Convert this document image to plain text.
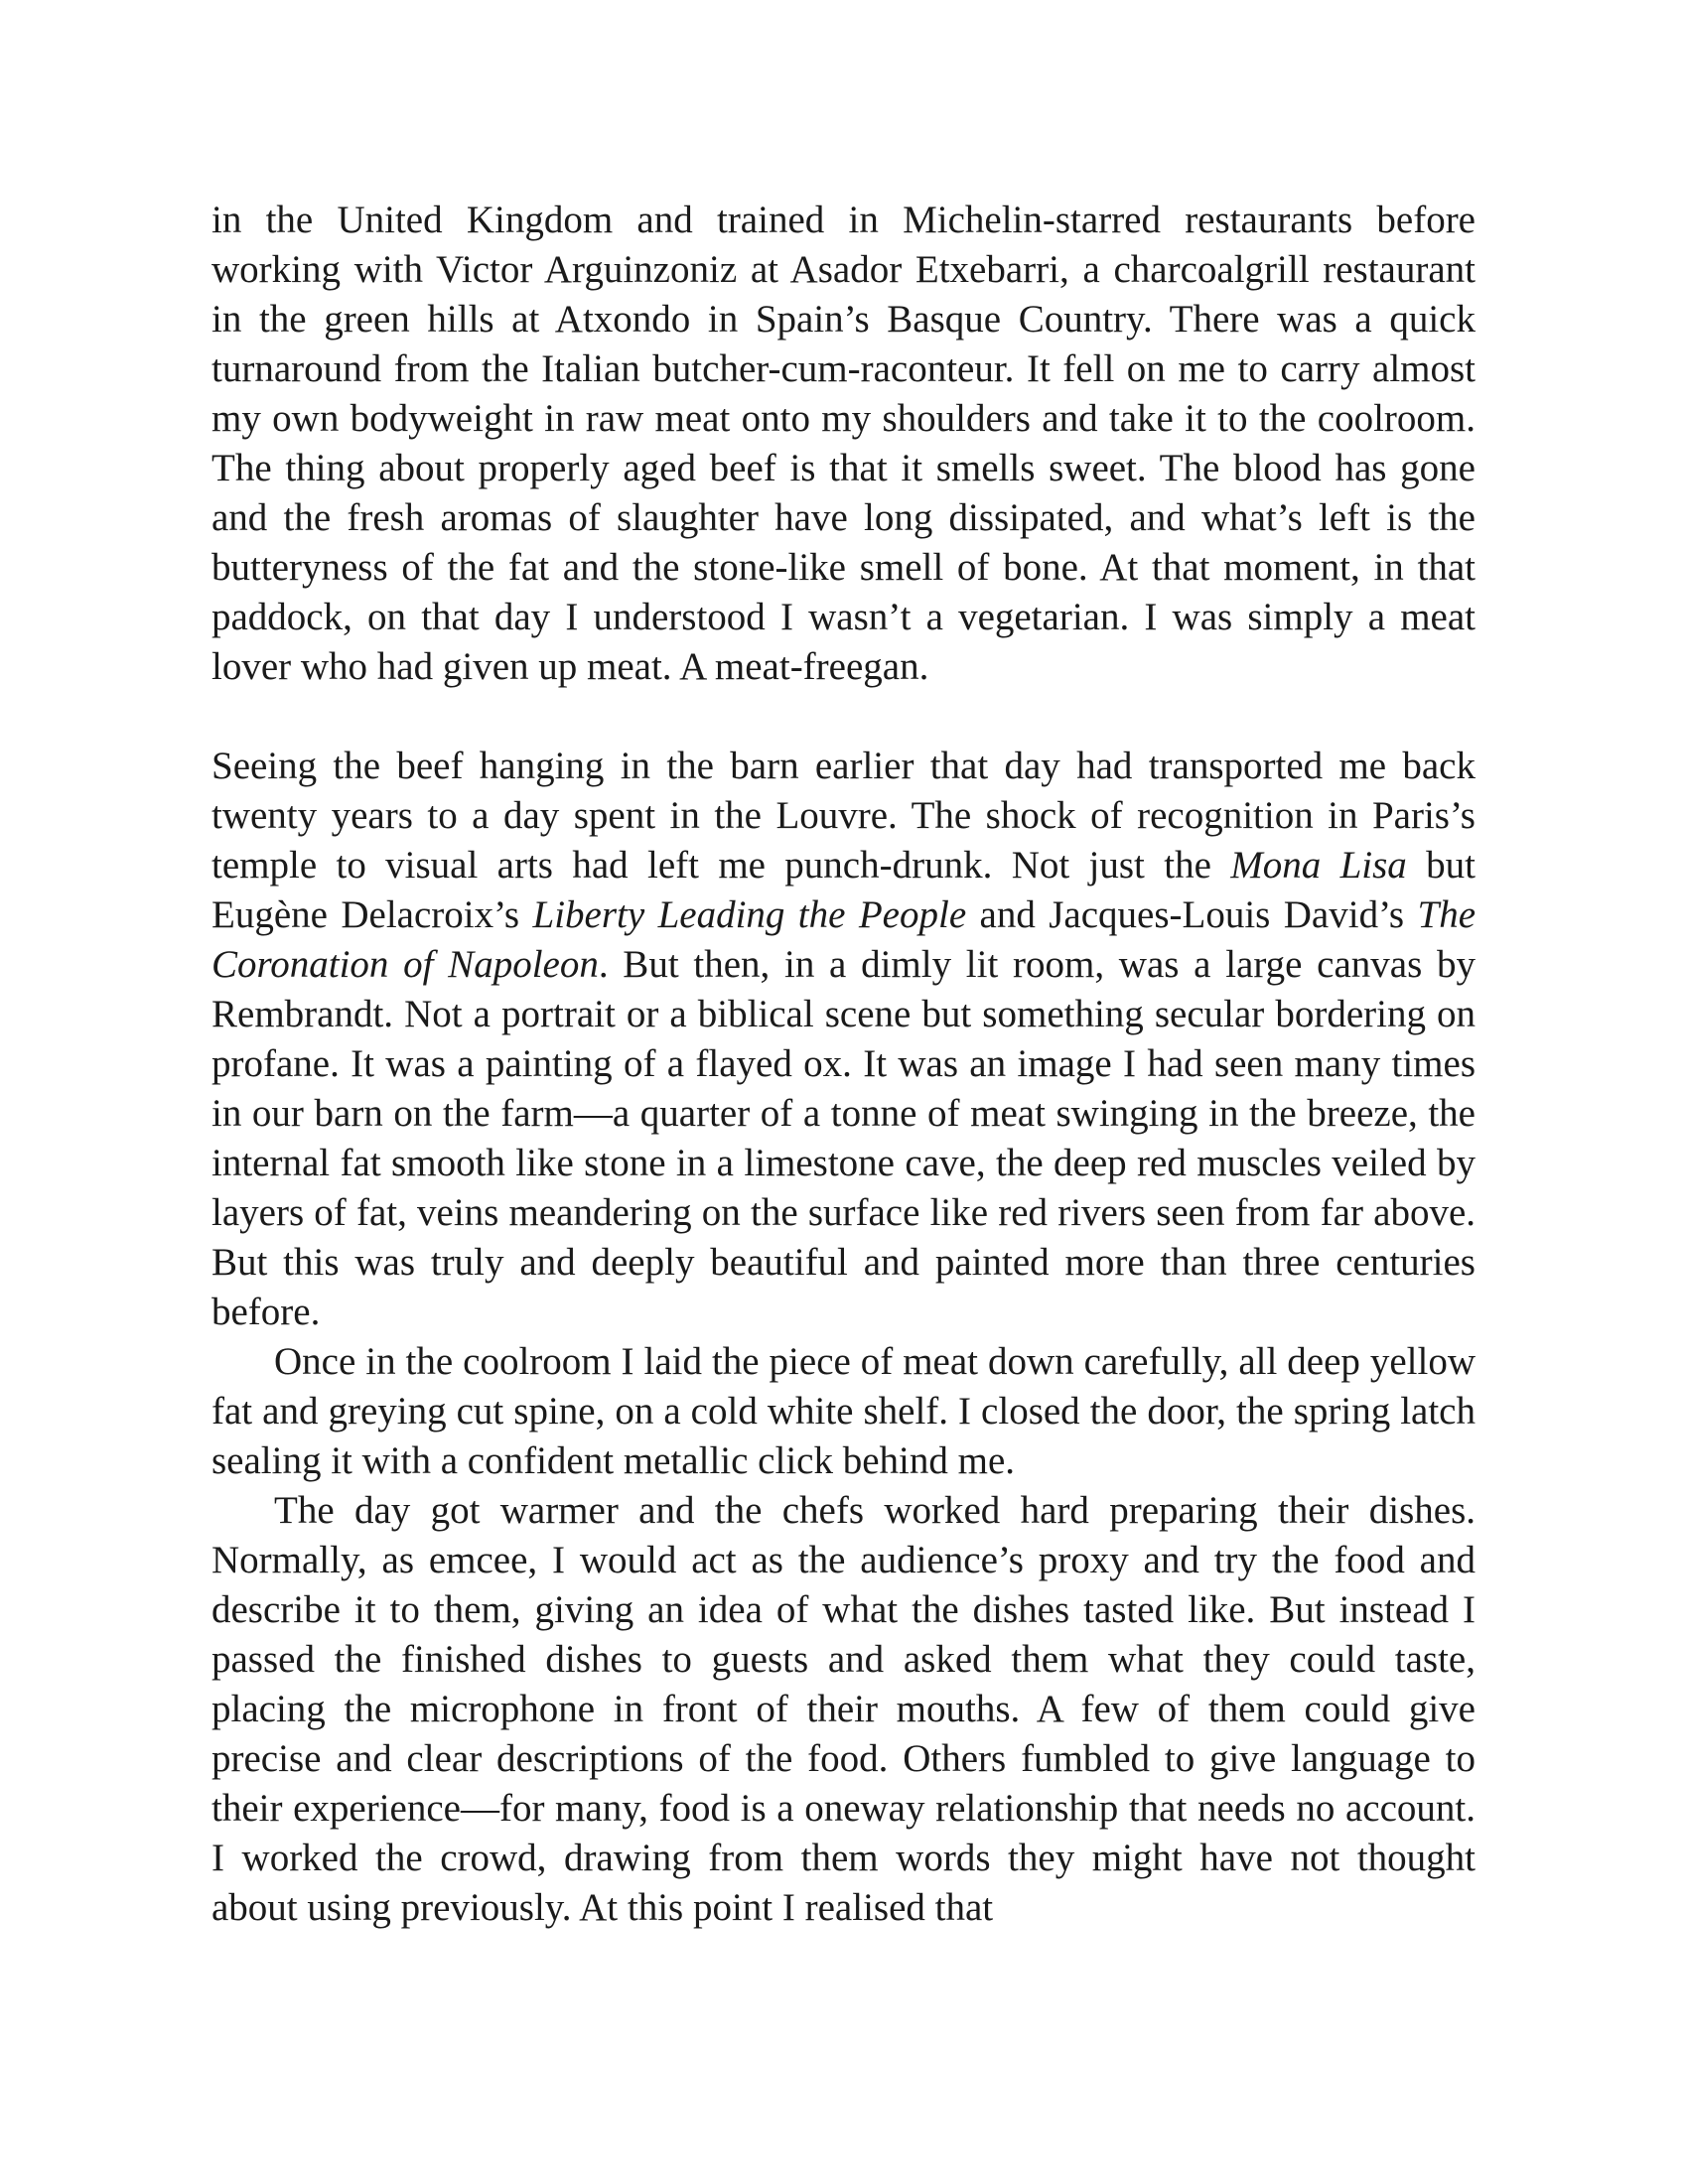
in the United Kingdom and trained in Michelin-starred restaurants before working with Victor Arguinzoniz at Asador Etxebarri, a charcoalgrill restaurant in the green hills at Atxondo in Spain’s Basque Country. There was a quick turnaround from the Italian butcher-cum-raconteur. It fell on me to carry almost my own bodyweight in raw meat onto my shoulders and take it to the coolroom. The thing about properly aged beef is that it smells sweet. The blood has gone and the fresh aromas of slaughter have long dissipated, and what’s left is the butteryness of the fat and the stone-like smell of bone. At that moment, in that paddock, on that day I understood I wasn’t a vegetarian. I was simply a meat lover who had given up meat. A meat-freegan.

Seeing the beef hanging in the barn earlier that day had transported me back twenty years to a day spent in the Louvre. The shock of recognition in Paris’s temple to visual arts had left me punch-drunk. Not just the Mona Lisa but Eugène Delacroix’s Liberty Leading the People and Jacques-Louis David’s The Coronation of Napoleon. But then, in a dimly lit room, was a large canvas by Rembrandt. Not a portrait or a biblical scene but something secular bordering on profane. It was a painting of a flayed ox. It was an image I had seen many times in our barn on the farm—a quarter of a tonne of meat swinging in the breeze, the internal fat smooth like stone in a limestone cave, the deep red muscles veiled by layers of fat, veins meandering on the surface like red rivers seen from far above. But this was truly and deeply beautiful and painted more than three centuries before.

Once in the coolroom I laid the piece of meat down carefully, all deep yellow fat and greying cut spine, on a cold white shelf. I closed the door, the spring latch sealing it with a confident metallic click behind me.

The day got warmer and the chefs worked hard preparing their dishes. Normally, as emcee, I would act as the audience’s proxy and try the food and describe it to them, giving an idea of what the dishes tasted like. But instead I passed the finished dishes to guests and asked them what they could taste, placing the microphone in front of their mouths. A few of them could give precise and clear descriptions of the food. Others fumbled to give language to their experience—for many, food is a oneway relationship that needs no account. I worked the crowd, drawing from them words they might have not thought about using previously. At this point I realised that
